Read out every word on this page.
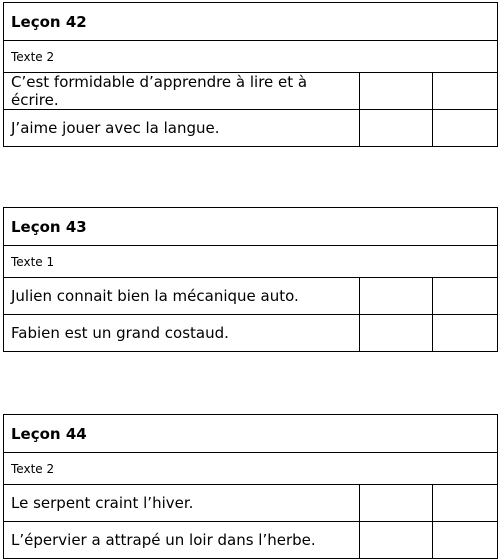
Leçon 42		
Texte 2		
C’est formidable d’apprendre à lire et à écrire.		
J’aime jouer avec la langue.		
Leçon 43		
Texte 1		
Julien connait bien la mécanique auto.		
Fabien est un grand costaud.		
Leçon 44		
Texte 2		
Le serpent craint l’hiver.		
L’épervier a attrapé un loir dans l’herbe.		
